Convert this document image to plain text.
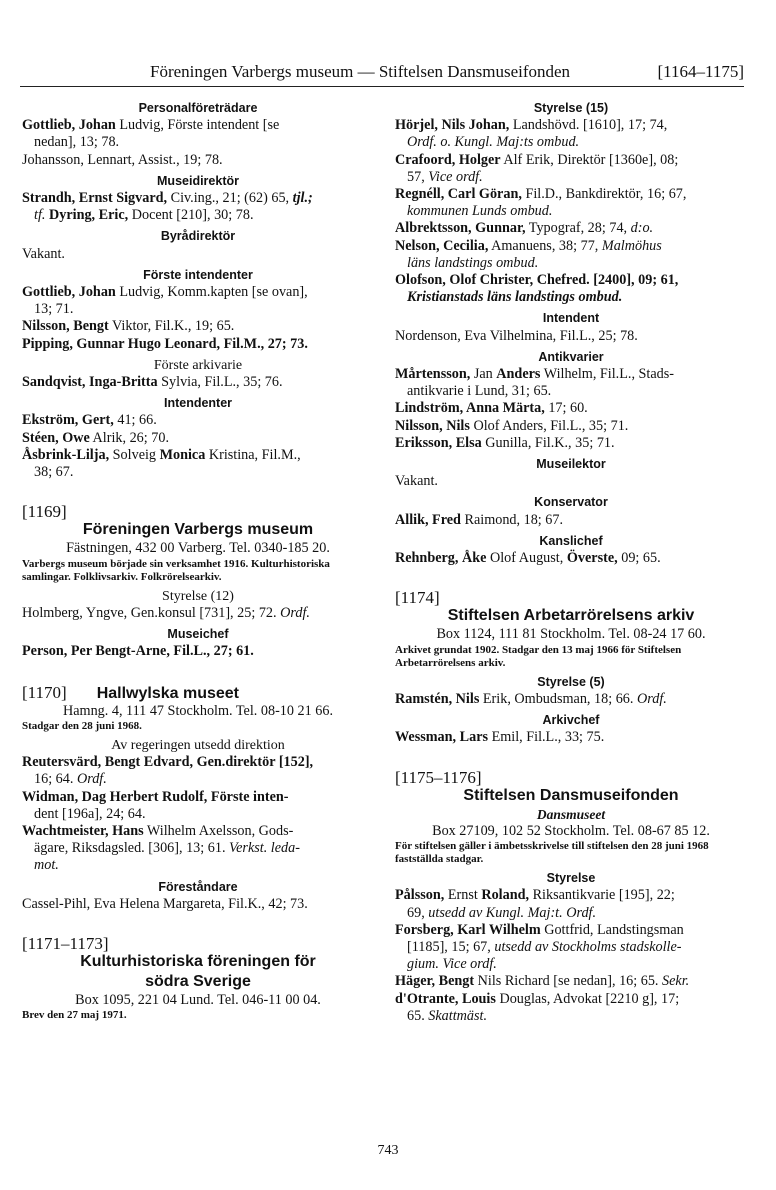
Föreningen Varbergs museum — Stiftelsen Dansmuseifonden	[1164–1175]
Personalföreträdare
Gottlieb, Johan Ludvig, Förste intendent [se
nedan], 13; 78.
Johansson, Lennart, Assist., 19; 78.
Museidirektör
Strandh, Ernst Sigvard, Civ.ing., 21; (62) 65, tjl.;
tf. Dyring, Eric, Docent [210], 30; 78.
Byrådirektör
Vakant.
Förste intendenter
Gottlieb, Johan Ludvig, Komm.kapten [se ovan],
13; 71.
Nilsson, Bengt Viktor, Fil.K., 19; 65.
Pipping, Gunnar Hugo Leonard, Fil.M., 27; 73.
Förste arkivarie
Sandqvist, Inga-Britta Sylvia, Fil.L., 35; 76.
Intendenter
Ekström, Gert, 41; 66.
Stéen, Owe Alrik, 26; 70.
Åsbrink-Lilja, Solveig Monica Kristina, Fil.M.,
38; 67.
[1169]
Föreningen Varbergs museum
Fästningen, 432 00 Varberg. Tel. 0340-185 20.
Varbergs museum började sin verksamhet 1916. Kulturhistoriska samlingar. Folklivsarkiv. Folkrörelsearkiv.
Styrelse (12)
Holmberg, Yngve, Gen.konsul [731], 25; 72. Ordf.
Museichef
Person, Per Bengt-Arne, Fil.L., 27; 61.
[1170] Hallwylska museet
Hamng. 4, 111 47 Stockholm. Tel. 08-10 21 66.
Stadgar den 28 juni 1968.
Av regeringen utsedd direktion
Reutersvärd, Bengt Edvard, Gen.direktör [152],
16; 64. Ordf.
Widman, Dag Herbert Rudolf, Förste inten-
dent [196a], 24; 64.
Wachtmeister, Hans Wilhelm Axelsson, Gods-
ägare, Riksdagsled. [306], 13; 61. Verkst. leda-
mot.
Föreståndare
Cassel-Pihl, Eva Helena Margareta, Fil.K., 42; 73.
[1171–1173]
Kulturhistoriska föreningen för
södra Sverige
Box 1095, 221 04 Lund. Tel. 046-11 00 04.
Brev den 27 maj 1971.
Styrelse (15)
Hörjel, Nils Johan, Landshövd. [1610], 17; 74,
Ordf. o. Kungl. Maj:ts ombud.
Crafoord, Holger Alf Erik, Direktör [1360e], 08;
57, Vice ordf.
Regnéll, Carl Göran, Fil.D., Bankdirektör, 16; 67,
kommunen Lunds ombud.
Albrektsson, Gunnar, Typograf, 28; 74, d:o.
Nelson, Cecilia, Amanuens, 38; 77, Malmöhus
läns landstings ombud.
Olofson, Olof Christer, Chefred. [2400], 09; 61,
Kristianstads läns landstings ombud.
Intendent
Nordenson, Eva Vilhelmina, Fil.L., 25; 78.
Antikvarier
Mårtensson, Jan Anders Wilhelm, Fil.L., Stads-
antikvarie i Lund, 31; 65.
Lindström, Anna Märta, 17; 60.
Nilsson, Nils Olof Anders, Fil.L., 35; 71.
Eriksson, Elsa Gunilla, Fil.K., 35; 71.
Museilektor
Vakant.
Konservator
Allik, Fred Raimond, 18; 67.
Kanslichef
Rehnberg, Åke Olof August, Överste, 09; 65.
[1174]
Stiftelsen Arbetarrörelsens arkiv
Box 1124, 111 81 Stockholm. Tel. 08-24 17 60.
Arkivet grundat 1902. Stadgar den 13 maj 1966 för Stiftelsen Arbetarrörelsens arkiv.
Styrelse (5)
Ramstén, Nils Erik, Ombudsman, 18; 66. Ordf.
Arkivchef
Wessman, Lars Emil, Fil.L., 33; 75.
[1175–1176]
Stiftelsen Dansmuseifonden
Dansmuseet
Box 27109, 102 52 Stockholm. Tel. 08-67 85 12.
För stiftelsen gäller i ämbetsskrivelse till stiftelsen den 28 juni 1968 fastställda stadgar.
Styrelse
Pålsson, Ernst Roland, Riksantikvarie [195], 22;
69, utsedd av Kungl. Maj:t. Ordf.
Forsberg, Karl Wilhelm Gottfrid, Landstingsman
[1185], 15; 67, utsedd av Stockholms stadskolle-
gium. Vice ordf.
Häger, Bengt Nils Richard [se nedan], 16; 65. Sekr.
d'Otrante, Louis Douglas, Advokat [2210 g], 17;
65. Skattmäst.
743
